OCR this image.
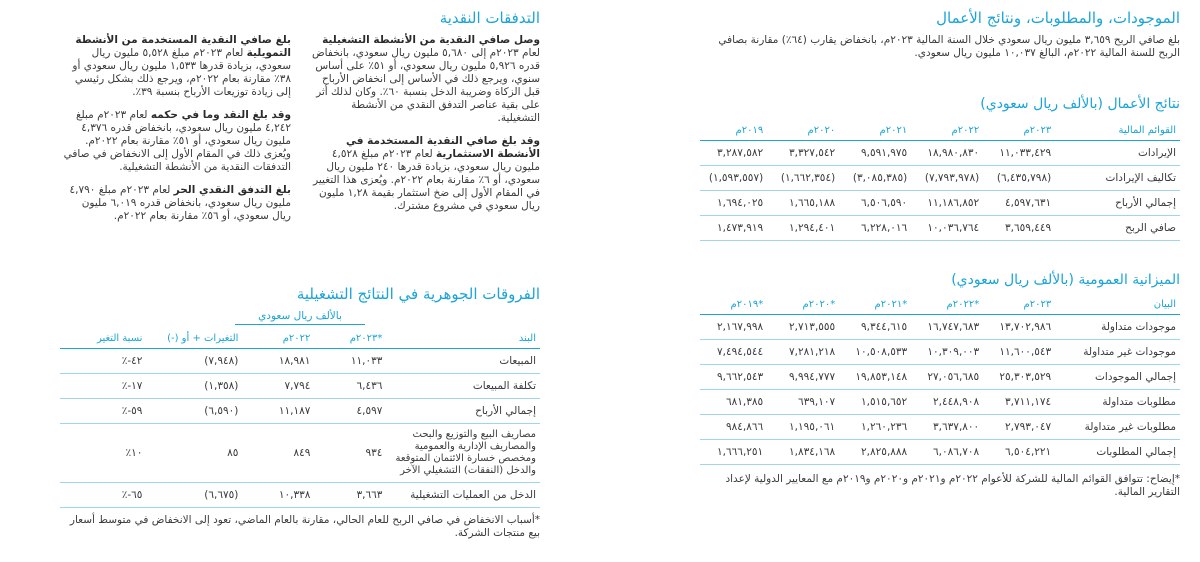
الموجودات، والمطلوبات، ونتائج الأعمال

بلغ صافي الربح ٣,٦٥٩ مليون ريال سعودي خلال السنة المالية ٢٠٢٣م، بانخفاض يقارب (٦٤٪) مقارنة بصافي الربح للسنة المالية ٢٠٢٢م، البالغ ١٠,٠٣٧ مليون ريال سعودي.

نتائج الأعمال (بالألف ريال سعودي)
القوائم المالية	٢٠٢٣م	٢٠٢٢م	٢٠٢١م	٢٠٢٠م	٢٠١٩م
الإيرادات	١١,٠٣٣,٤٢٩	١٨,٩٨٠,٨٣٠	٩,٥٩١,٩٧٥	٣,٣٢٧,٥٤٢	٣,٢٨٧,٥٨٢
تكاليف الإيرادات	(٦,٤٣٥,٧٩٨)	(٧,٧٩٣,٩٧٨)	(٣,٠٨٥,٣٨٥)	(١,٦٦٢,٣٥٤)	(١,٥٩٣,٥٥٧)
إجمالي الأرباح	٤,٥٩٧,٦٣١	١١,١٨٦,٨٥٢	٦,٥٠٦,٥٩٠	١,٦٦٥,١٨٨	١,٦٩٤,٠٢٥
صافي الربح	٣,٦٥٩,٤٤٩	١٠,٠٣٦,٧٦٤	٦,٢٢٨,٠١٦	١,٢٩٤,٤٠١	١,٤٧٣,٩١٩
الميزانية العمومية (بالألف ريال سعودي)
البيان	٢٠٢٣م	*٢٠٢٢م	*٢٠٢١م	*٢٠٢٠م	*٢٠١٩م
موجودات متداولة	١٣,٧٠٢,٩٨٦	١٦,٧٤٧,٦٨٣	٩,٣٤٤,٦١٥	٢,٧١٣,٥٥٥	٢,١٦٧,٩٩٨
موجودات غير متداولة	١١,٦٠٠,٥٤٣	١٠,٣٠٩,٠٠٣	١٠,٥٠٨,٥٣٣	٧,٢٨١,٢١٨	٧,٤٩٤,٥٤٤
إجمالي الموجودات	٢٥,٣٠٣,٥٢٩	٢٧,٠٥٦,٦٨٥	١٩,٨٥٣,١٤٨	٩,٩٩٤,٧٧٧	٩,٦٦٢,٥٤٣
مطلوبات متداولة	٣,٧١١,١٧٤	٢,٤٤٨,٩٠٨	١,٥١٥,٦٥٢	٦٣٩,١٠٧	٦٨١,٣٨٥
مطلوبات غير متداولة	٢,٧٩٣,٠٤٧	٣,٦٣٧,٨٠٠	١,٢٦٠,٢٣٦	١,١٩٥,٠٦١	٩٨٤,٨٦٦
إجمالي المطلوبات	٦,٥٠٤,٢٢١	٦,٠٨٦,٧٠٨	٢,٨٢٥,٨٨٨	١,٨٣٤,١٦٨	١,٦٦٦,٢٥١

*إيضاح: تتوافق القوائم المالية للشركة للأعوام ٢٠٢٢م و٢٠٢١م و٢٠٢٠م و٢٠١٩م مع المعايير الدولية لإعداد التقارير المالية.

التدفقات النقدية

وصل صافي النقدية من الأنشطة التشغيلية لعام ٢٠٢٣م إلى ٥,٦٨٠ مليون ريال سعودي، بانخفاض قدره ٥,٩٢٦ مليون ريال سعودي، أو ٥١٪ على أساس سنوي، ويرجع ذلك في الأساس إلى انخفاض الأرباح قبل الزكاة وضريبة الدخل بنسبة ٦٠٪. وكان لذلك أثر على بقية عناصر التدفق النقدي من الأنشطة التشغيلية.

وقد بلغ صافي النقدية المستخدمة في الأنشطة الاستثمارية لعام ٢٠٢٣م مبلغ ٤,٥٢٨ مليون ريال سعودي، بزيادة قدرها ٢٤٠ مليون ريال سعودي، أو ٦٪ مقارنة بعام ٢٠٢٢م. ويُعزى هذا التغيير في المقام الأول إلى ضخ استثمار بقيمة ١,٢٨ مليون ريال سعودي في مشروع مشترك.

بلغ صافي النقدية المستخدمة من الأنشطة التمويلية لعام ٢٠٢٣م مبلغ ٥,٥٢٨ مليون ريال سعودي، بزيادة قدرها ١,٥٣٣ مليون ريال سعودي أو ٣٨٪ مقارنة بعام ٢٠٢٢م، ويرجع ذلك بشكل رئيسي إلى زيادة توزيعات الأرباح بنسبة ٣٩٪.

وقد بلغ النقد وما في حكمه لعام ٢٠٢٣م مبلغ ٤,٢٤٢ مليون ريال سعودي، بانخفاض قدره ٤,٣٧٦ مليون ريال سعودي، أو ٥١٪ مقارنة بعام ٢٠٢٢م. ويُعزى ذلك في المقام الأول إلى الانخفاض في صافي التدفقات النقدية من الأنشطة التشغيلية.

بلغ التدفق النقدي الحر لعام ٢٠٢٣م مبلغ ٤,٧٩٠ مليون ريال سعودي، بانخفاض قدره ٦,٠١٩ مليون ريال سعودي، أو ٥٦٪ مقارنة بعام ٢٠٢٢م.

الفروقات الجوهرية في النتائج التشغيلية
بالألف ريال سعودي
البند	*٢٠٢٣م	٢٠٢٢م	التغيرات + أو (-)	نسبة التغير
المبيعات	١١,٠٣٣	١٨,٩٨١	(٧,٩٤٨)	٤٢-٪
تكلفة المبيعات	٦,٤٣٦	٧,٧٩٤	(١,٣٥٨)	١٧-٪
إجمالي الأرباح	٤,٥٩٧	١١,١٨٧	(٦,٥٩٠)	٥٩-٪
مصاريف البيع والتوزيع والبحث والمصاريف الإدارية والعمومية ومخصص خسارة الائتمان المتوقعة والدخل (النفقات) التشغيلي الآخر	٩٣٤	٨٤٩	٨٥	١٠٪
الدخل من العمليات التشغيلية	٣,٦٦٣	١٠,٣٣٨	(٦,٦٧٥)	٦٥-٪

*أسباب الانخفاض في صافي الربح للعام الحالي، مقارنة بالعام الماضي، تعود إلى الانخفاض في متوسط أسعار بيع منتجات الشركة.
